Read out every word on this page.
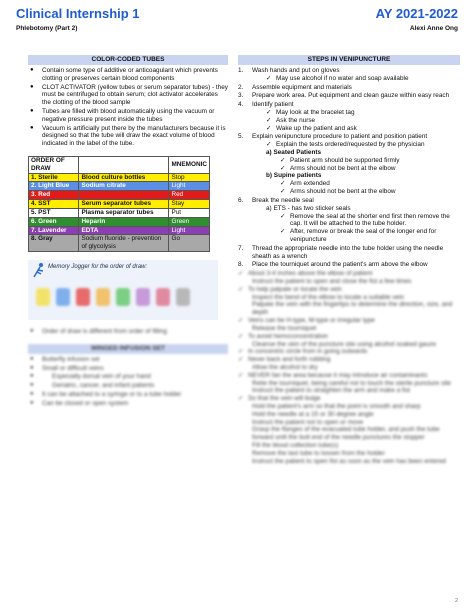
Clinical Internship 1	AY 2021-2022
Phlebotomy (Part 2)	Alexi Anne Ong
COLOR-CODED TUBES
● Contain some type of additive or anticoagulant which prevents clotting or preserves certain blood components
● CLOT ACTIVATOR (yellow tubes or serum separator tubes) - they must be centrifuged to obtain serum; clot activator accelerates the clotting of the blood sample
● Tubes are filled with blood automatically using the vacuum or negative pressure present inside the tubes
● Vacuum is artificially put there by the manufacturers because it is designed so that the tube will draw the exact volume of blood indicated in the label of the tube.
ORDER OF DRAW		MNEMONIC
1. Sterile	Blood culture bottles	Stop
2. Light Blue	Sodium citrate	Light
3. Red		Red
4. SST	Serum separator tubes	Stay
5. PST	Plasma separator tubes	Put
6. Green	Heparin	Green
7. Lavender	EDTA	Light
8. Gray	Sodium fluoride - prevention of glycolysis	Go
Memory Jogger for the order of draw:
● Order of draw is different from order of filling
WINGED INFUSION SET
● Butterfly infusion set
● Small or difficult veins
● Especially dorsal vein of your hand
● Geriatric, cancer, and infant patients
● It can be attached to a syringe or to a tube holder
● Can be closed or open system
STEPS IN VENIPUNCTURE
1. Wash hands and put on gloves
✓ May use alcohol if no water and soap available
2. Assemble equipment and materials
3. Prepare work area. Put equipment and clean gauze within easy reach
4. Identify patient
✓ May look at the bracelet tag
✓ Ask the nurse
✓ Wake up the patient and ask
5. Explain venipuncture procedure to patient and position patient
✓ Explain the tests ordered/requested by the physician
a) Seated Patients
✓ Patient arm should be supported firmly
✓ Arms should not be bent at the elbow
b) Supine patients
✓ Arm extended
✓ Arms should not be bent at the elbow
6. Break the needle seal
a) ETS - has two sticker seals
✓ Remove the seal at the shorter end first then remove the cap. It will be attached to the tube holder.
✓ After, remove or break the seal of the longer end for venipuncture
7. Thread the appropriate needle into the tube holder using the needle sheath as a wrench
8. Place the tourniquet around the patient's arm above the elbow
✓ About 3-4 inches above the elbow of patient
Instruct the patient to open and close the fist a few times
✓ To help palpate or locate the vein
Inspect the bend of the elbow to locate a suitable vein
Palpate the vein with the fingertips to determine the direction, size, and depth
✓ Veins can be H-type, M-type or irregular type
Release the tourniquet
✓ To avoid hemoconcentration
Cleanse the skin of the puncture site using alcohol soaked gauze
✓ In concentric circle from in going outwards
✓ Never back and forth rubbing
Allow the alcohol to dry
✓ NEVER fan the area because it may introduce air contaminants
Retie the tourniquet, being careful not to touch the sterile puncture site
Instruct the patient to straighten the arm and make a fist
✓ So that the vein will bulge
Hold the patient's arm so that the point is smooth and sharp
Hold the needle at a 15 or 30 degree angle
Instruct the patient not to open or move
Grasp the flanges of the evacuated tube holder, and push the tube forward until the butt end of the needle punctures the stopper
Fill the blood collection tube(s)
Remove the last tube to loosen from the holder
Instruct the patient to open fist as soon as the vein has been entered
2
